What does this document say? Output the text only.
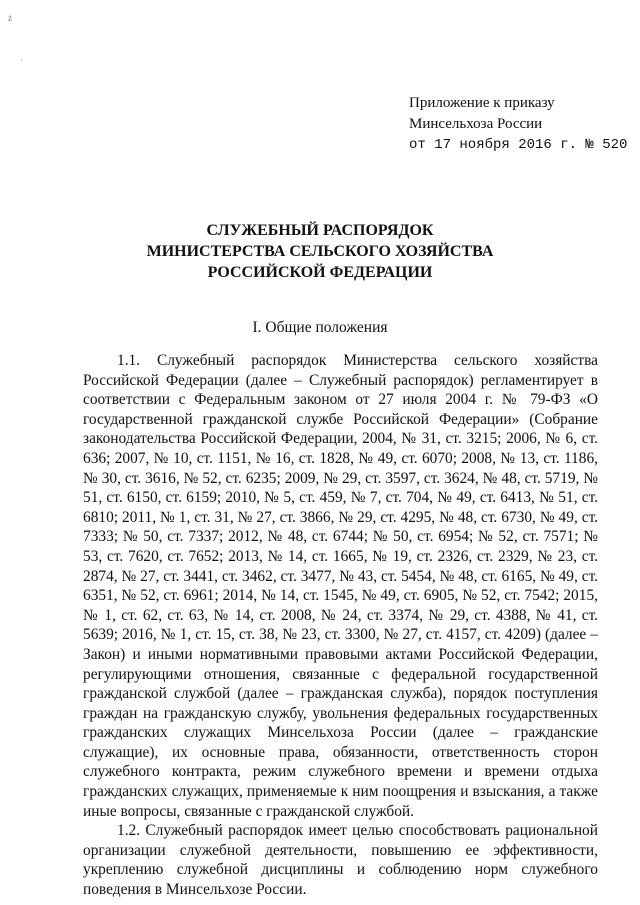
ż
·
Приложение к приказу
Минсельхоза России
от 17 ноября 2016 г. № 520
СЛУЖЕБНЫЙ РАСПОРЯДОК
МИНИСТЕРСТВА СЕЛЬСКОГО ХОЗЯЙСТВА
РОССИЙСКОЙ ФЕДЕРАЦИИ
I. Общие положения

1.1. Служебный распорядок Министерства сельского хозяйства Российской Федерации (далее – Служебный распорядок) регламентирует в соответствии с Федеральным законом от 27 июля 2004 г. № 79-ФЗ «О государственной гражданской службе Российской Федерации» (Собрание законодательства Российской Федерации, 2004, № 31, ст. 3215; 2006, № 6, ст. 636; 2007, № 10, ст. 1151, № 16, ст. 1828, № 49, ст. 6070; 2008, № 13, ст. 1186, № 30, ст. 3616, № 52, ст. 6235; 2009, № 29, ст. 3597, ст. 3624, № 48, ст. 5719, № 51, ст. 6150, ст. 6159; 2010, № 5, ст. 459, № 7, ст. 704, № 49, ст. 6413, № 51, ст. 6810; 2011, № 1, ст. 31, № 27, ст. 3866, № 29, ст. 4295, № 48, ст. 6730, № 49, ст. 7333; № 50, ст. 7337; 2012, № 48, ст. 6744; № 50, ст. 6954; № 52, ст. 7571; № 53, ст. 7620, ст. 7652; 2013, № 14, ст. 1665, № 19, ст. 2326, ст. 2329, № 23, ст. 2874, № 27, ст. 3441, ст. 3462, ст. 3477, № 43, ст. 5454, № 48, ст. 6165, № 49, ст. 6351, № 52, ст. 6961; 2014, № 14, ст. 1545, № 49, ст. 6905, № 52, ст. 7542; 2015, № 1, ст. 62, ст. 63, № 14, ст. 2008, № 24, ст. 3374, № 29, ст. 4388, № 41, ст. 5639; 2016, № 1, ст. 15, ст. 38, № 23, ст. 3300, № 27, ст. 4157, ст. 4209) (далее – Закон) и иными нормативными правовыми актами Российской Федерации, регулирующими отношения, связанные с федеральной государственной гражданской службой (далее – гражданская служба), порядок поступления граждан на гражданскую службу, увольнения федеральных государственных гражданских служащих Минсельхоза России (далее – гражданские служащие), их основные права, обязанности, ответственность сторон служебного контракта, режим служебного времени и времени отдыха гражданских служащих, применяемые к ним поощрения и взыскания, а также иные вопросы, связанные с гражданской службой.

1.2. Служебный распорядок имеет целью способствовать рациональной организации служебной деятельности, повышению ее эффективности, укреплению служебной дисциплины и соблюдению норм служебного поведения в Минсельхозе России.
